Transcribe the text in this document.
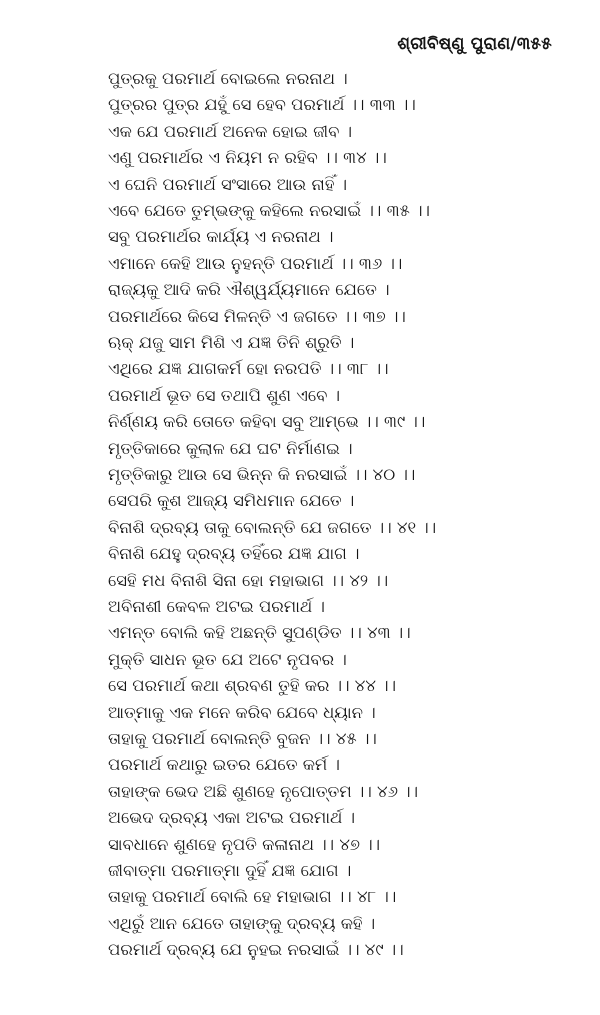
ଶ୍ରୀବିଷ୍ଣୁ ପୁରାଣ/୩୫୫
ପୁତ୍ରକୁ ପରମାର୍ଥ ବୋଇଲେ ନରନାଥ ।
ପୁତ୍ରର ପୁତ୍ର ଯହୁଁ ସେ ହେବ ପରମାର୍ଥ ।। ୩୩ ।।
ଏକ ଯେ ପରମାର୍ଥ ଅନେକ ହୋଇ ଜୀବ ।
ଏଣୁ ପରମାର୍ଥର ଏ ନିୟମ ନ ରହିବ ।। ୩୪ ।।
ଏ ଘେନି ପରମାର୍ଥ ସଂସାରେ ଆଉ ନାହିଁ ।
ଏବେ ଯେତେ ତୁମ୍ଭଙ୍କୁ କହିଲେ ନରସାଇଁ ।। ୩୫ ।।
ସବୁ ପରମାର୍ଥର କାର୍ଯ୍ୟ ଏ ନରନାଥ ।
ଏମାନେ କେହି ଆଉ ନୁହନ୍ତି ପରମାର୍ଥ ।। ୩୬ ।।
ରାଜ୍ୟକୁ ଆଦି କରି ଐଶ୍ୱର୍ଯ୍ୟମାନେ ଯେତେ ।
ପରମାର୍ଥରେ କିସେ ମିଳନ୍ତି ଏ ଜଗତେ ।। ୩୭ ।।
ଋକ୍ ଯଜୁ ସାମ ମିଶି ଏ ଯଜ୍ଞ ତିନି ଶ୍ରୁତି ।
ଏଥିରେ ଯଜ୍ଞ ଯାଗକର୍ମ ହୋ ନରପତି ।। ୩୮ ।।
ପରମାର୍ଥ ଭୂତ ସେ ତଥାପି ଶୁଣ ଏବେ ।
ନିର୍ଣ୍ଣୟ କରି ତୋତେ କହିବା ସବୁ ଆମ୍ଭେ ।। ୩୯ ।।
ମୃତ୍ତିକାରେ କୁଲାଳ ଯେ ଘଟ ନିର୍ମାଣଇ ।
ମୃତ୍ତିକାରୁ ଆଉ ସେ ଭିନ୍ନ କି ନରସାଇଁ ।। ୪୦ ।।
ସେପରି କୁଶ ଆଜ୍ୟ ସମିଧମାନ ଯେତେ ।
ବିନାଶି ଦ୍ରବ୍ୟ ତାକୁ ବୋଲନ୍ତି ଯେ ଜଗତେ ।। ୪୧ ।।
ବିନାଶି ଯେହୁ ଦ୍ରବ୍ୟ ତହିଁରେ ଯଜ୍ଞ ଯାଗ ।
ସେହି ମଧ ବିନାଶି ସିନା ହୋ ମହାଭାଗ ।। ୪୨ ।।
ଅବିନାଶୀ କେବଳ ଅଟଇ ପରମାର୍ଥ ।
ଏମନ୍ତ ବୋଲି କହି ଅଛନ୍ତି ସୁପଣ୍ଡିତ ।। ୪୩ ।।
ମୁକ୍ତି ସାଧନ ଭୂତ ଯେ ଅଟେ ନୃପବର ।
ସେ ପରମାର୍ଥ କଥା ଶ୍ରବଣ ତୁହି କର ।। ୪୪ ।।
ଆତ୍ମାକୁ ଏକ ମନେ କରିବ ଯେବେ ଧ୍ୟାନ ।
ତାହାକୁ ପରମାର୍ଥ ବୋଲନ୍ତି ବୁଜନ ।। ୪୫ ।।
ପରମାର୍ଥ କଥାରୁ ଇତର ଯେତେ କର୍ମ ।
ତାହାଙ୍କ ଭେଦ ଅଛି ଶୁଣହେ ନୃପୋତ୍ତମ ।। ୪୬ ।।
ଅଭେଦ ଦ୍ରବ୍ୟ ଏକା ଅଟଇ ପରମାର୍ଥ ।
ସାବଧାନେ ଶୁଣହେ ନୃପତି କଳାନାଥ ।। ୪୭ ।।
ଜୀବାତ୍ମା ପରମାତ୍ମା ଦୁହିଁ ଯଜ୍ଞ ଯୋଗ ।
ତାହାକୁ ପରମାର୍ଥ ବୋଲି ହେ ମହାଭାଗ ।। ୪୮ ।।
ଏଥିରୁଁ ଆନ ଯେତେ ତାହାଙ୍କୁ ଦ୍ରବ୍ୟ କହି ।
ପରମାର୍ଥ ଦ୍ରବ୍ୟ ଯେ ନୁହଇ ନରସାଇଁ ।। ୪୯ ।।
